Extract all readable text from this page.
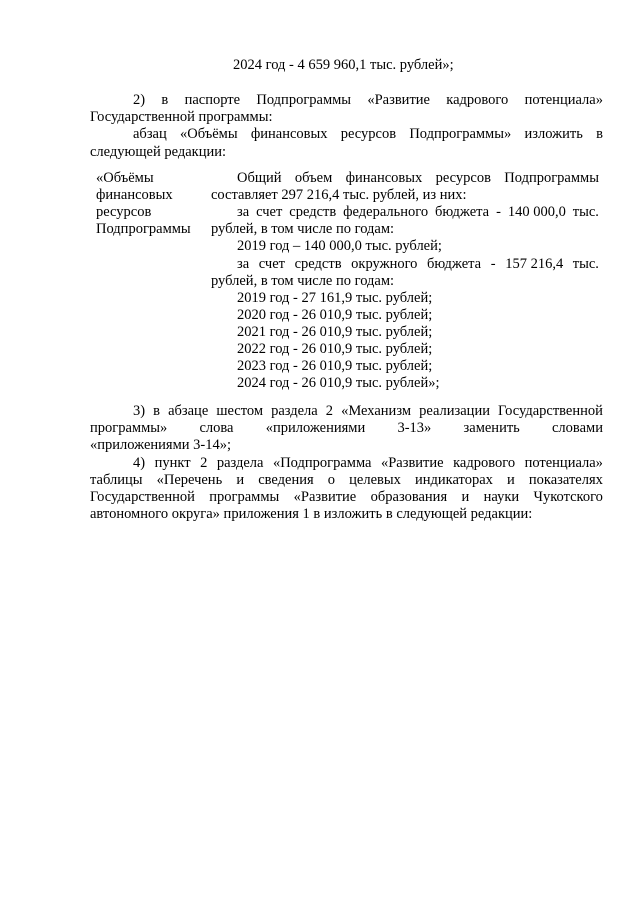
2024 год - 4 659 960,1 тыс. рублей»;
2) в паспорте Подпрограммы «Развитие кадрового потенциала»
Государственной программы:
абзац «Объёмы финансовых ресурсов Подпрограммы» изложить в
следующей редакции:
«Объёмы
финансовых
ресурсов
Подпрограммы
Общий объем финансовых ресурсов Подпрограммы
составляет 297 216,4 тыс. рублей, из них:
за счет средств федерального бюджета - 140 000,0 тыс.
рублей, в том числе по годам:
2019 год – 140 000,0 тыс. рублей;
за счет средств окружного бюджета - 157 216,4 тыс.
рублей, в том числе по годам:
2019 год - 27 161,9 тыс. рублей;
2020 год - 26 010,9 тыс. рублей;
2021 год - 26 010,9 тыс. рублей;
2022 год - 26 010,9 тыс. рублей;
2023 год - 26 010,9 тыс. рублей;
2024 год - 26 010,9 тыс. рублей»;
3) в абзаце шестом раздела 2 «Механизм реализации Государственной
программы» слова «приложениями 3-13» заменить словами
«приложениями 3-14»;
4) пункт 2 раздела «Подпрограмма «Развитие кадрового потенциала»
таблицы «Перечень и сведения о целевых индикаторах и показателях
Государственной программы «Развитие образования и науки Чукотского
автономного округа» приложения 1 в изложить в следующей редакции:
